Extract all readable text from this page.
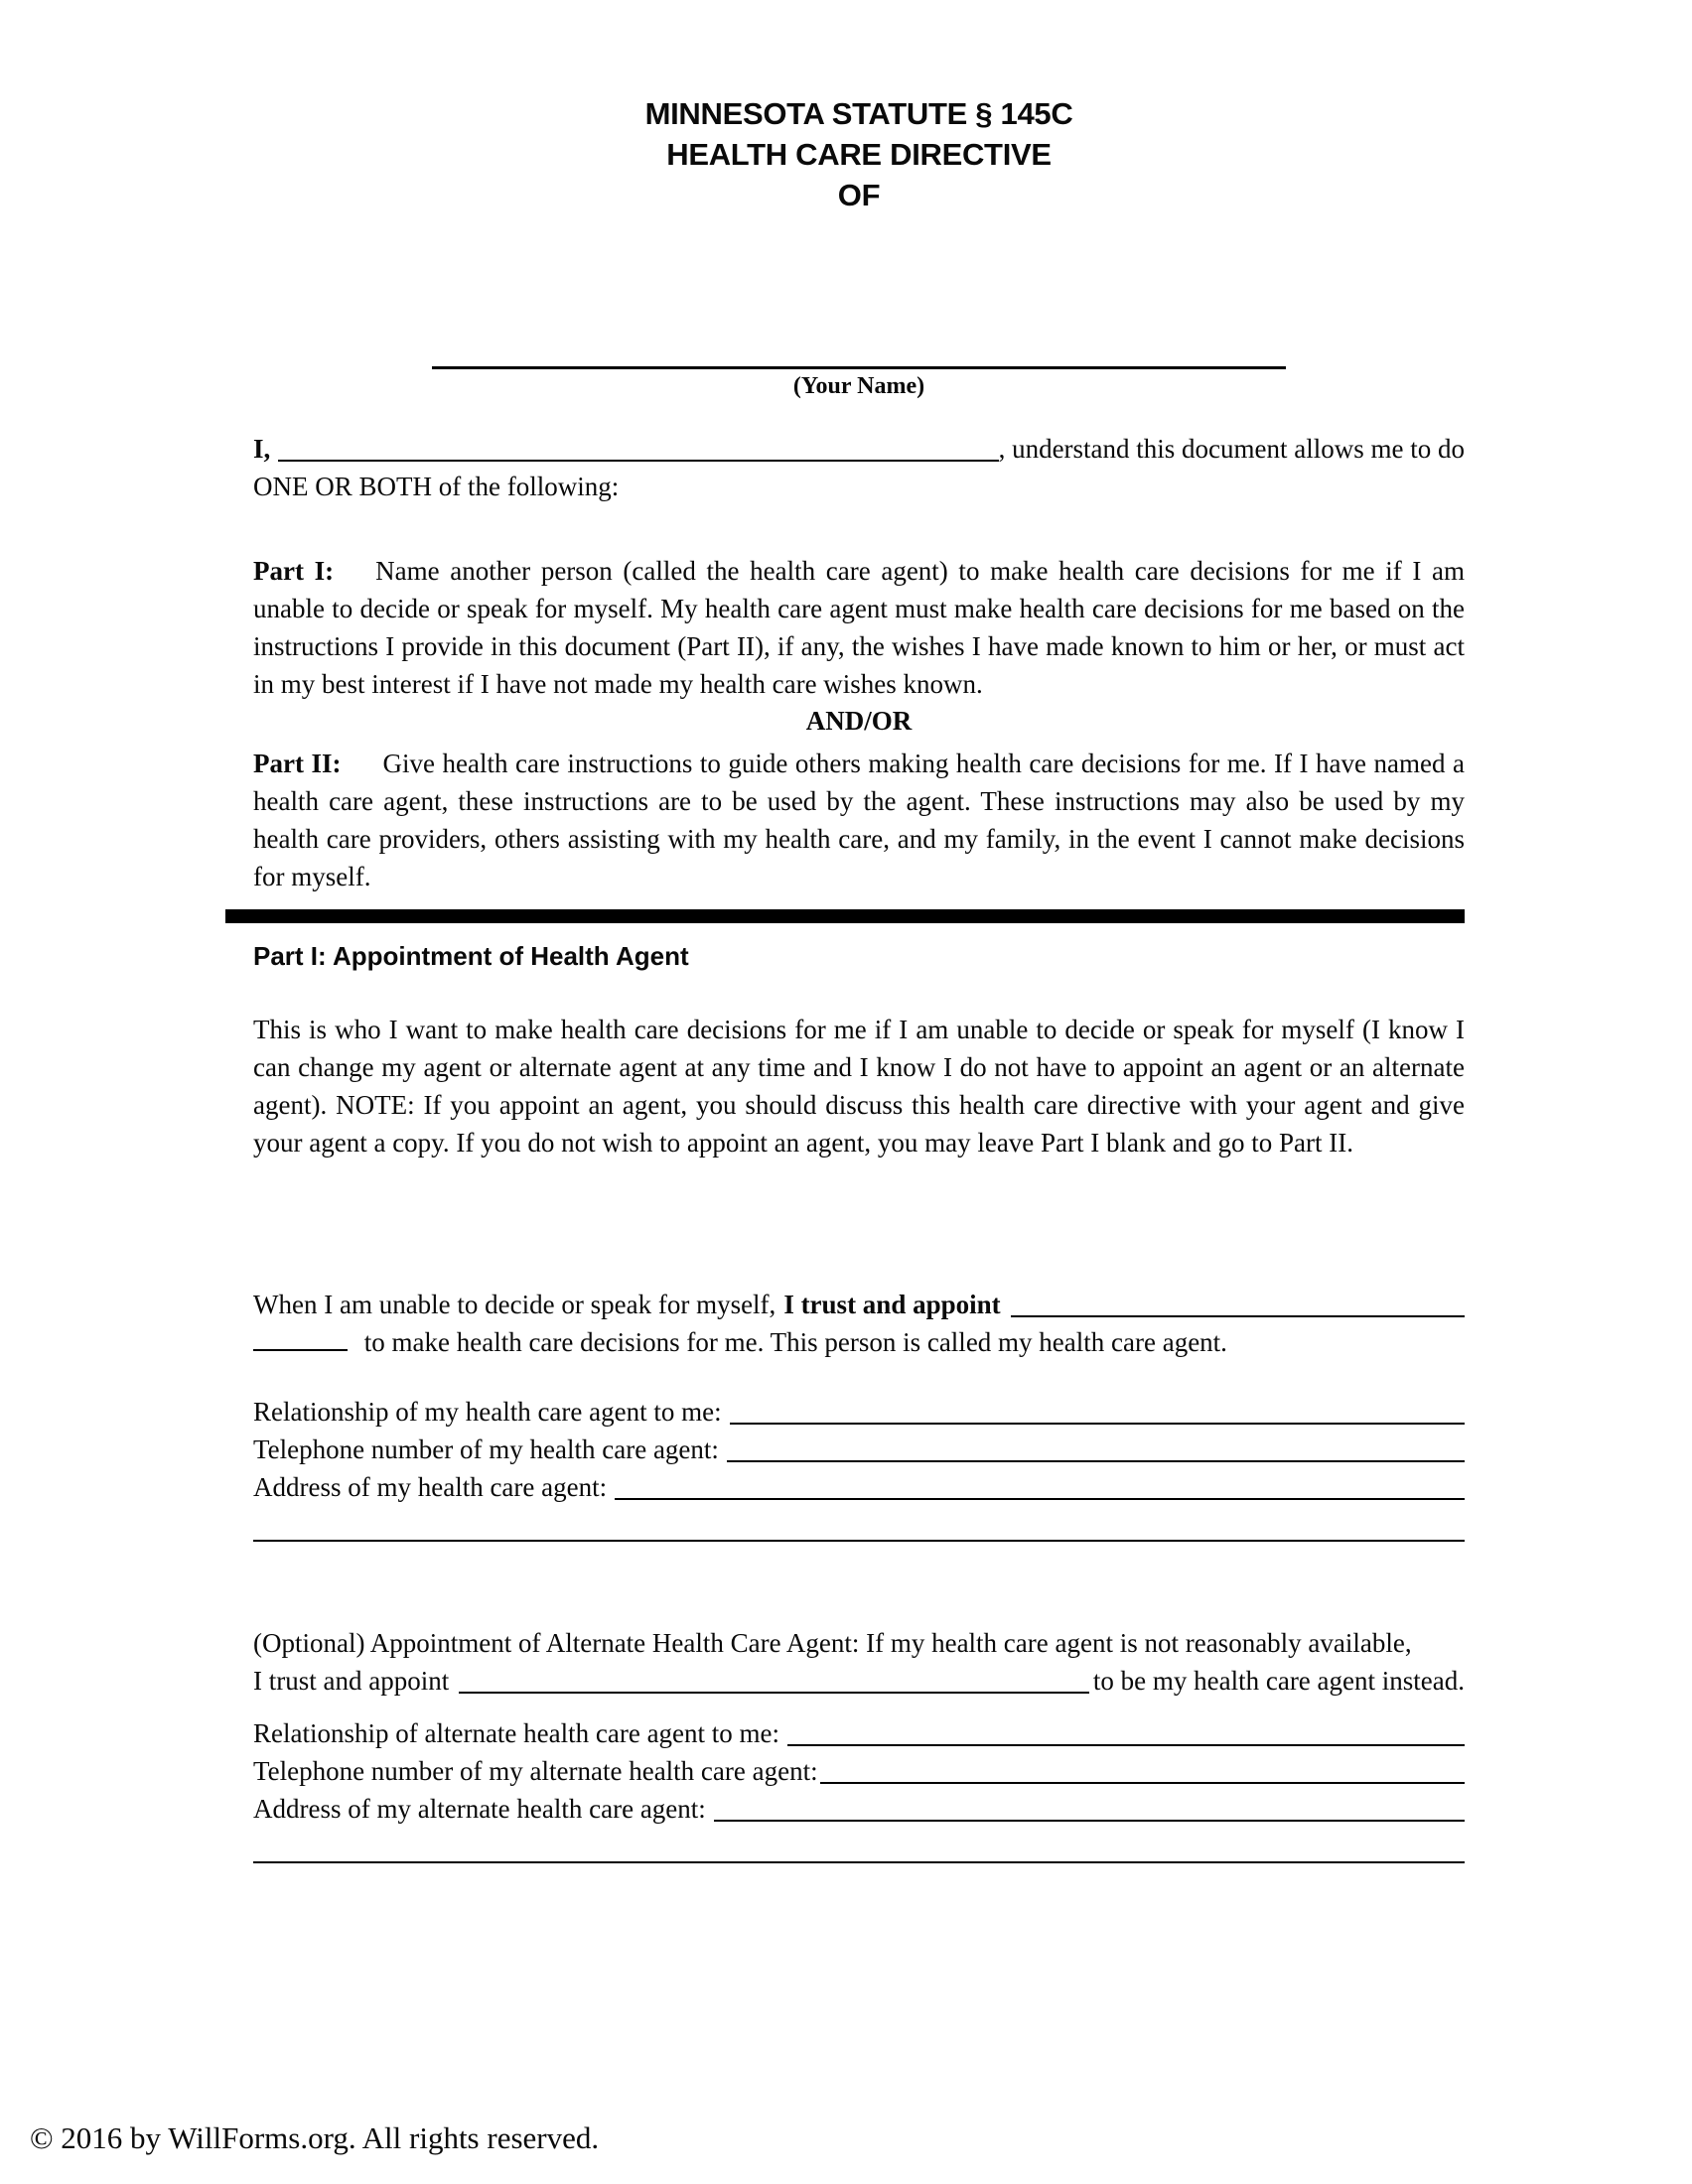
MINNESOTA STATUTE § 145C
HEALTH CARE DIRECTIVE
OF
(Your Name)
I,	, understand this document allows me to do
ONE OR BOTH of the following:

Part I: Name another person (called the health care agent) to make health care decisions for me if I am unable to decide or speak for myself. My health care agent must make health care decisions for me based on the instructions I provide in this document (Part II), if any, the wishes I have made known to him or her, or must act in my best interest if I have not made my health care wishes known.

AND/OR

Part II: Give health care instructions to guide others making health care decisions for me. If I have named a health care agent, these instructions are to be used by the agent. These instructions may also be used by my health care providers, others assisting with my health care, and my family, in the event I cannot make decisions for myself.

Part I: Appointment of Health Agent

This is who I want to make health care decisions for me if I am unable to decide or speak for myself (I know I can change my agent or alternate agent at any time and I know I do not have to appoint an agent or an alternate agent). NOTE: If you appoint an agent, you should discuss this health care directive with your agent and give your agent a copy. If you do not wish to appoint an agent, you may leave Part I blank and go to Part II.

When I am unable to decide or speak for myself, I trust and appoint
to make health care decisions for me. This person is called my health care agent.
Relationship of my health care agent to me:
Telephone number of my health care agent:
Address of my health care agent:
(Optional) Appointment of Alternate Health Care Agent: If my health care agent is not reasonably available,
I trust and appoint	to be my health care agent instead.
Relationship of alternate health care agent to me:
Telephone number of my alternate health care agent:
Address of my alternate health care agent:
© 2016 by WillForms.org. All rights reserved.
